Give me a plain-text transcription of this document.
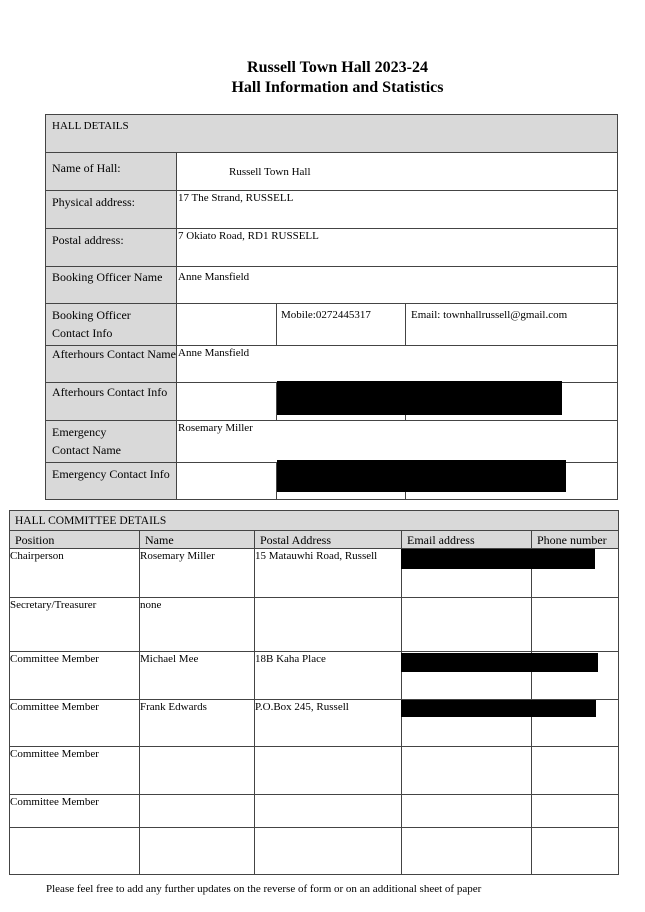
Russell Town Hall 2023-24
Hall Information and Statistics
HALL DETAILS			
Name of Hall:	Russell Town Hall		
Physical address:	17 The Strand, RUSSELL		
Postal address:	7 Okiato Road, RD1 RUSSELL		
Booking Officer Name	Anne Mansfield		

Booking Officer
Contact Info		Mobile:0272445317	Email: townhallrussell@gmail.com
Afterhours Contact Name	Anne Mansfield		
Afterhours Contact Info			

Emergency
Contact Name	Rosemary Miller		
Emergency Contact Info			
HALL COMMITTEE DETAILS				
Position	Name	Postal Address	Email address	Phone number
Chairperson	Rosemary Miller	15 Matauwhi Road, Russell		
Secretary/Treasurer	none			
Committee Member	Michael Mee	18B Kaha Place		
Committee Member	Frank Edwards	P.O.Box 245, Russell		
Committee Member				
Committee Member				

Please feel free to add any further updates on the reverse of form or on an additional sheet of paper
